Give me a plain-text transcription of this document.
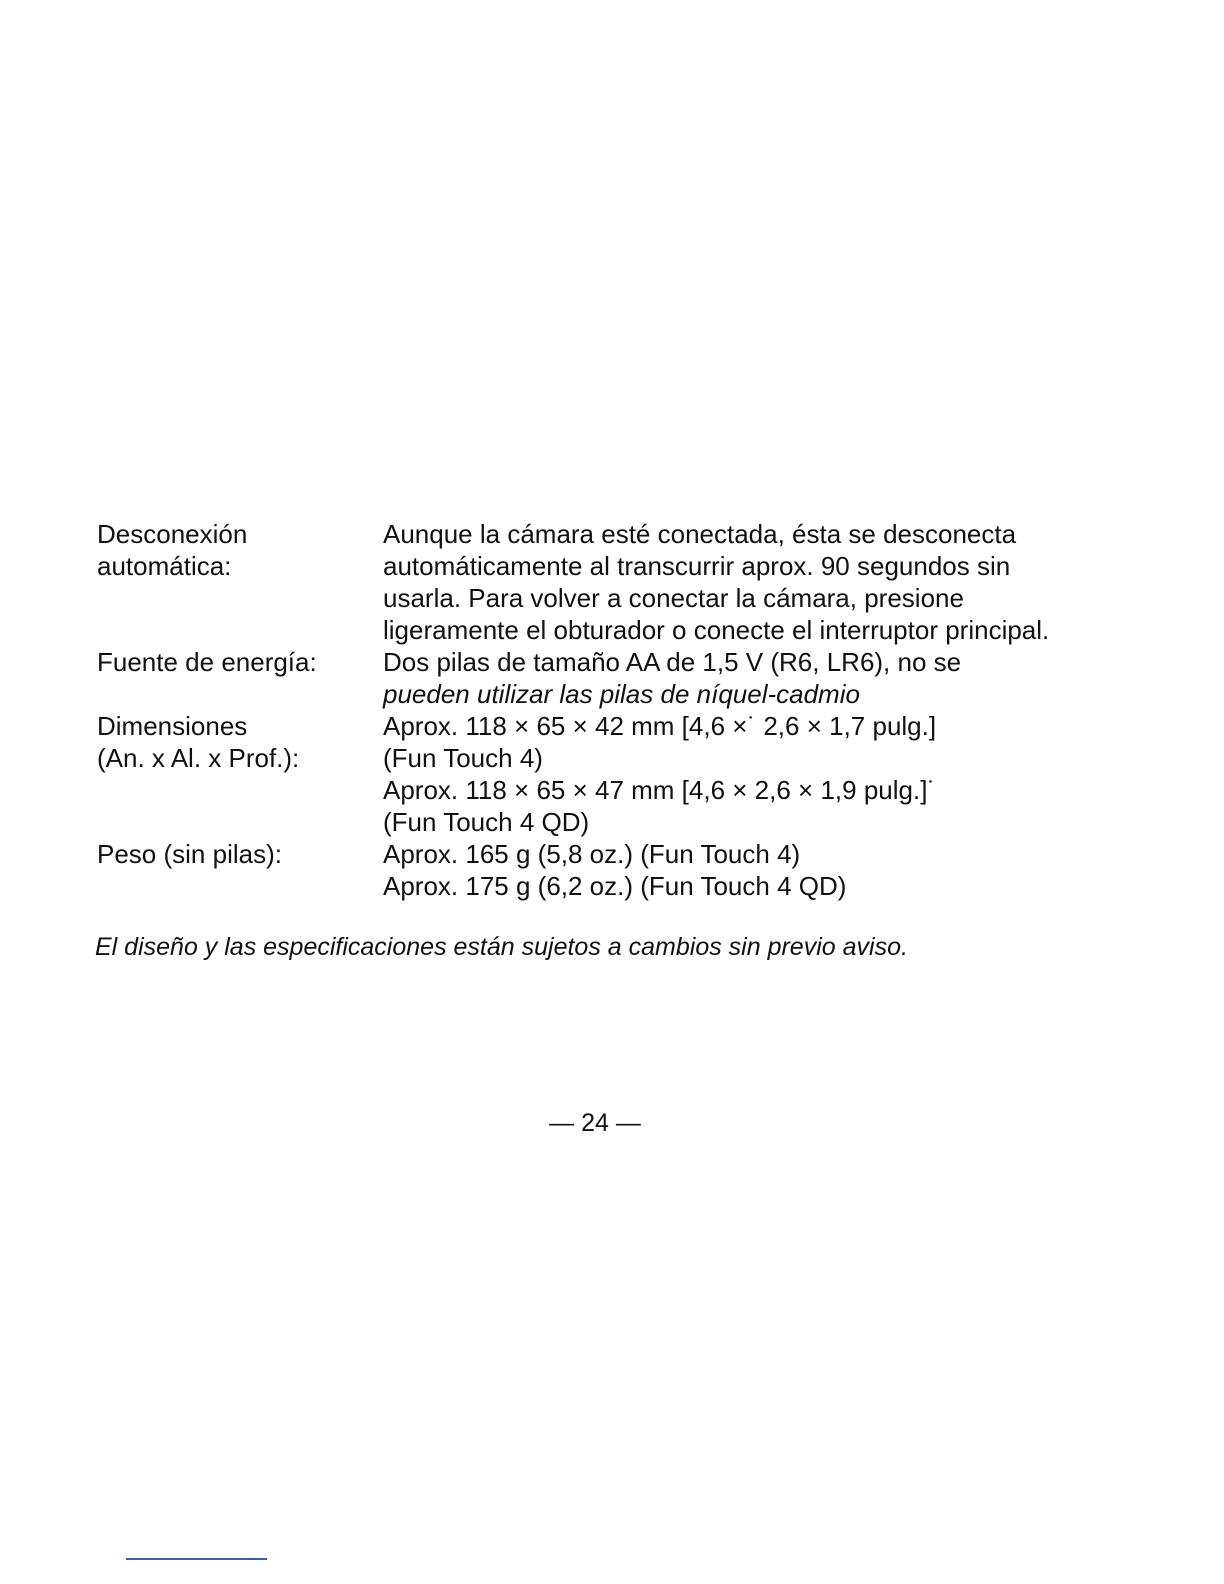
Desconexión
automática:
Aunque la cámara esté conectada, ésta se desconecta
automáticamente al transcurrir aprox. 90 segundos sin
usarla. Para volver a conectar la cámara, presione
ligeramente el obturador o conecte el interruptor principal.
Fuente de energía:	Dos pilas de tamaño AA de 1,5 V (R6, LR6), no se
pueden utilizar las pilas de níquel-cadmio
Dimensiones
(An. x Al. x Prof.):
Aprox. 118 × 65 × 42 mm [4,6 ×˙ 2,6 × 1,7 pulg.]
(Fun Touch 4)
Aprox. 118 × 65 × 47 mm [4,6 × 2,6 × 1,9 pulg.]˙
(Fun Touch 4 QD)
Peso (sin pilas):	Aprox. 165 g (5,8 oz.) (Fun Touch 4)
Aprox. 175 g (6,2 oz.) (Fun Touch 4 QD)
El diseño y las especificaciones están sujetos a cambios sin previo aviso.
— 24 —
